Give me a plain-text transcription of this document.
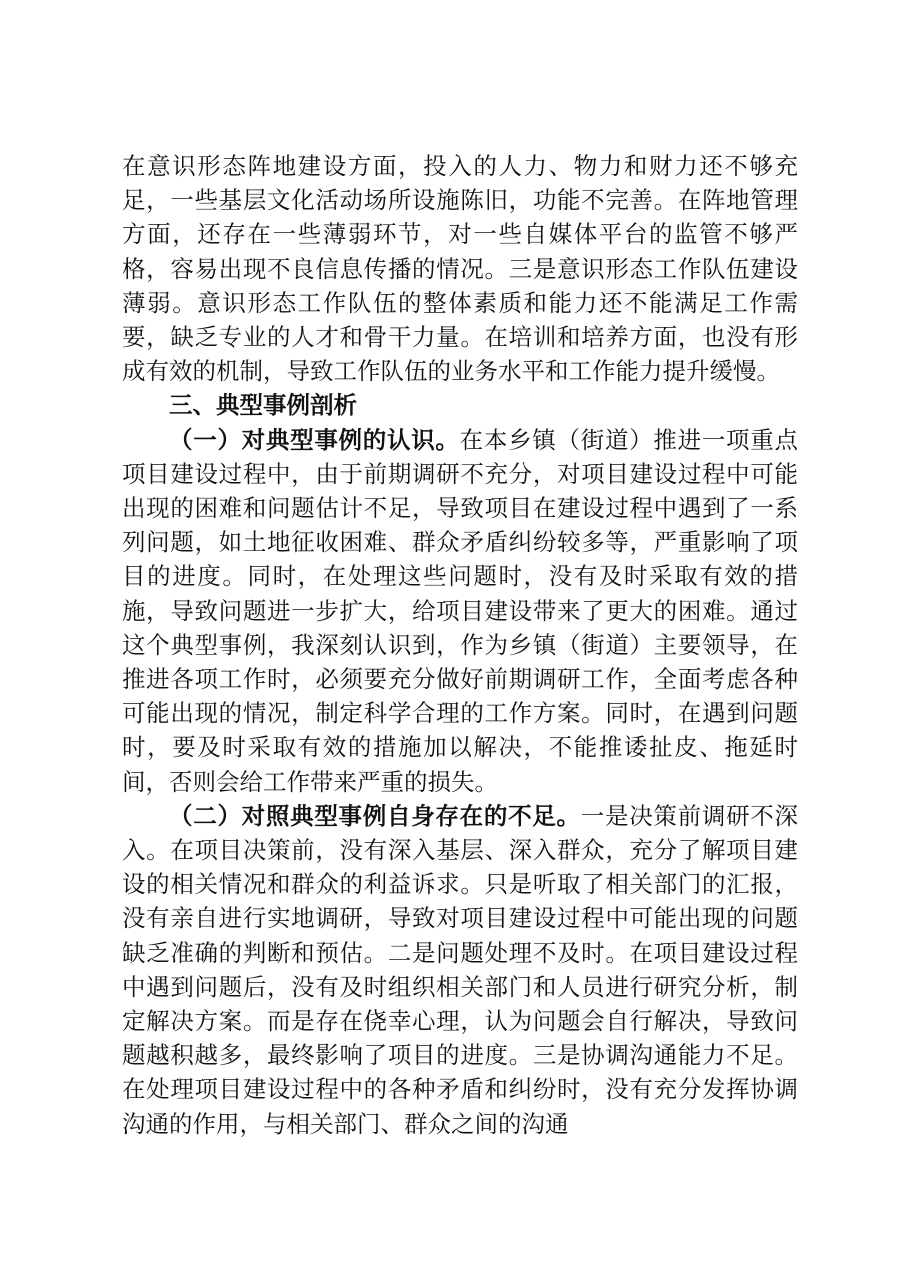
在意识形态阵地建设方面，投入的人力、物力和财力还不够充足，一些基层文化活动场所设施陈旧，功能不完善。在阵地管理方面，还存在一些薄弱环节，对一些自媒体平台的监管不够严格，容易出现不良信息传播的情况。三是意识形态工作队伍建设薄弱。意识形态工作队伍的整体素质和能力还不能满足工作需要，缺乏专业的人才和骨干力量。在培训和培养方面，也没有形成有效的机制，导致工作队伍的业务水平和工作能力提升缓慢。

三、典型事例剖析

（一）对典型事例的认识。在本乡镇（街道）推进一项重点项目建设过程中，由于前期调研不充分，对项目建设过程中可能出现的困难和问题估计不足，导致项目在建设过程中遇到了一系列问题，如土地征收困难、群众矛盾纠纷较多等，严重影响了项目的进度。同时，在处理这些问题时，没有及时采取有效的措施，导致问题进一步扩大，给项目建设带来了更大的困难。通过这个典型事例，我深刻认识到，作为乡镇（街道）主要领导，在推进各项工作时，必须要充分做好前期调研工作，全面考虑各种可能出现的情况，制定科学合理的工作方案。同时，在遇到问题时，要及时采取有效的措施加以解决，不能推诿扯皮、拖延时间，否则会给工作带来严重的损失。

（二）对照典型事例自身存在的不足。一是决策前调研不深入。在项目决策前，没有深入基层、深入群众，充分了解项目建设的相关情况和群众的利益诉求。只是听取了相关部门的汇报，没有亲自进行实地调研，导致对项目建设过程中可能出现的问题缺乏准确的判断和预估。二是问题处理不及时。在项目建设过程中遇到问题后，没有及时组织相关部门和人员进行研究分析，制定解决方案。而是存在侥幸心理，认为问题会自行解决，导致问题越积越多，最终影响了项目的进度。三是协调沟通能力不足。在处理项目建设过程中的各种矛盾和纠纷时，没有充分发挥协调沟通的作用，与相关部门、群众之间的沟通
